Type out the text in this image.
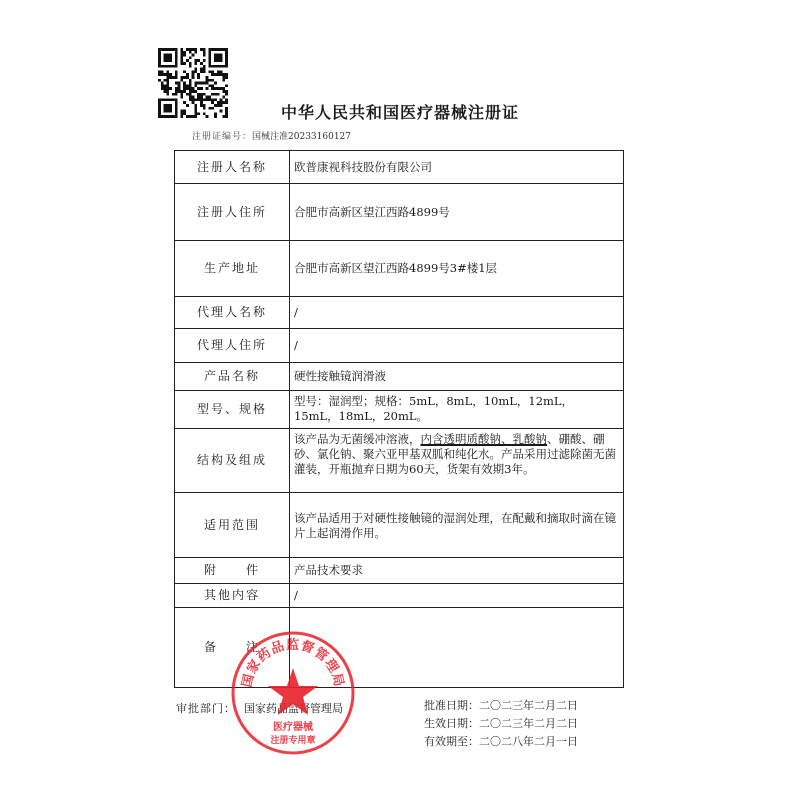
中华人民共和国医疗器械注册证
注册证编号：国械注准20233160127
注册人名称	欧普康视科技股份有限公司
注册人住所	合肥市高新区望江西路4899号
生产地址	合肥市高新区望江西路4899号3#楼1层
代理人名称	/
代理人住所	/
产品名称	硬性接触镜润滑液
型号、规格	型号：湿润型；规格：5mL，8mL，10mL，12mL，15mL，18mL，20mL。
结构及组成	该产品为无菌缓冲溶液，内含透明质酸钠、乳酸钠、硼酸、硼砂、氯化钠、聚六亚甲基双胍和纯化水。产品采用过滤除菌无菌灌装，开瓶抛弃日期为60天，货架有效期3年。
适用范围	该产品适用于对硬性接触镜的湿润处理，在配戴和摘取时滴在镜片上起润滑作用。
附　　件	产品技术要求
其他内容	/
备　　注	
审批部门： 国家药品监督管理局	批准日期：二〇二三年二月二日
生效日期：二〇二三年二月二日
有效期至：二〇二八年二月一日
国家药品监督管理局
医疗器械
注册专用章
